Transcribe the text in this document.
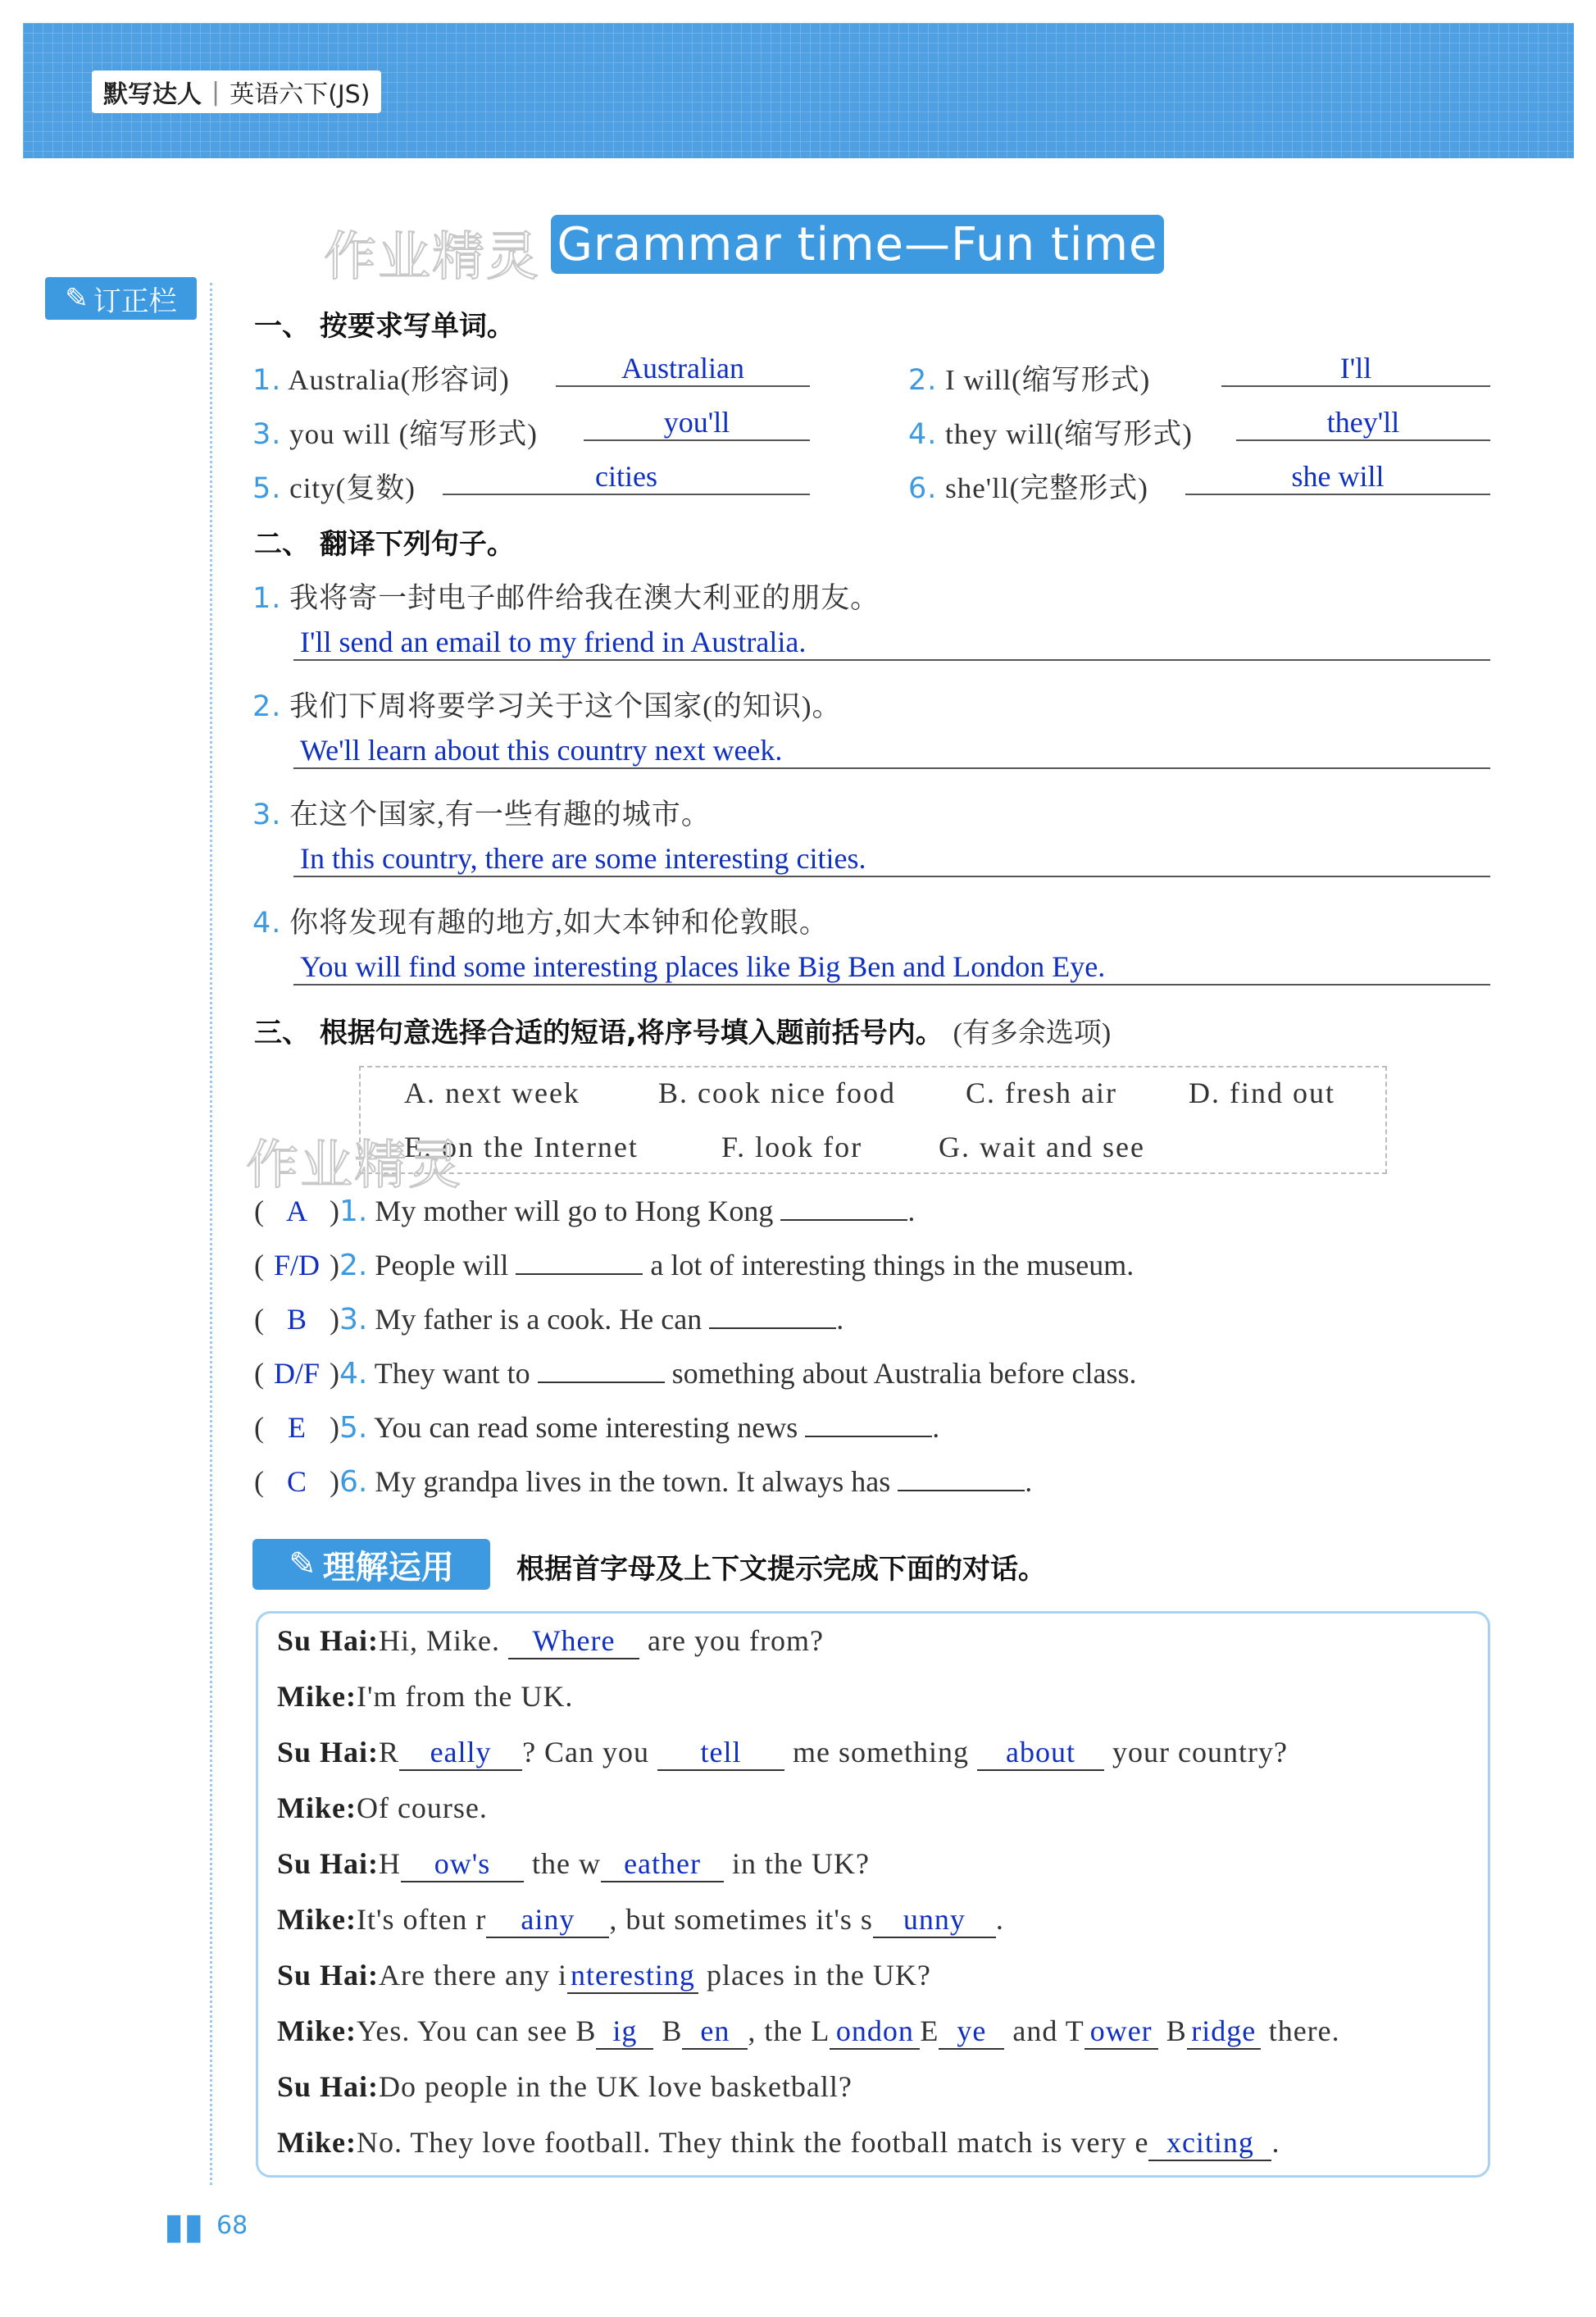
默写达人 | 英语六下(JS)
作业精灵 Grammar time—Fun time
✎ 订正栏
一、 按要求写单词。
1. Australia(形容词)	Australian	2. I will(缩写形式)	I'll
3. you will (缩写形式)	you'll	4. they will(缩写形式)	they'll
5. city(复数)	cities	6. she'll(完整形式)	she will
二、 翻译下列句子。
1. 我将寄一封电子邮件给我在澳大利亚的朋友。
I'll send an email to my friend in Australia.
2. 我们下周将要学习关于这个国家(的知识)。
We'll learn about this country next week.
3. 在这个国家,有一些有趣的城市。
In this country, there are some interesting cities.
4. 你将发现有趣的地方,如大本钟和伦敦眼。
You will find some interesting places like Big Ben and London Eye.
三、 根据句意选择合适的短语,将序号填入题前括号内。 (有多余选项)
A. next week	B. cook nice food C. fresh air D. find out
E. on the Internet	F. look for	G. wait and see
作业精灵
( A )1. My mother will go to Hong Kong	.
( F/D )2. People will	a lot of interesting things in the museum.
( B )3. My father is a cook. He can	.
( D/F )4. They want to	something about Australia before class.
( E )5. You can read some interesting news	.
( C )6. My grandpa lives in the town. It always has	.
✎ 理解运用 根据首字母及上下文提示完成下面的对话。
Su Hai:Hi, Mike. Where are you from?
Mike:I'm from the UK.
Su Hai:R eally ? Can you tell me something about your country?
Mike:Of course.
Su Hai:H ow's the w eather in the UK?
Mike:It's often r ainy , but sometimes it's s unny .
Su Hai:Are there any i nteresting places in the UK?
Mike:Yes. You can see B ig B en , the L ondon E ye and T ower B ridge there.
Su Hai:Do people in the UK love basketball?
Mike:No. They love football. They think the football match is very e xciting .
▮▮ 68
